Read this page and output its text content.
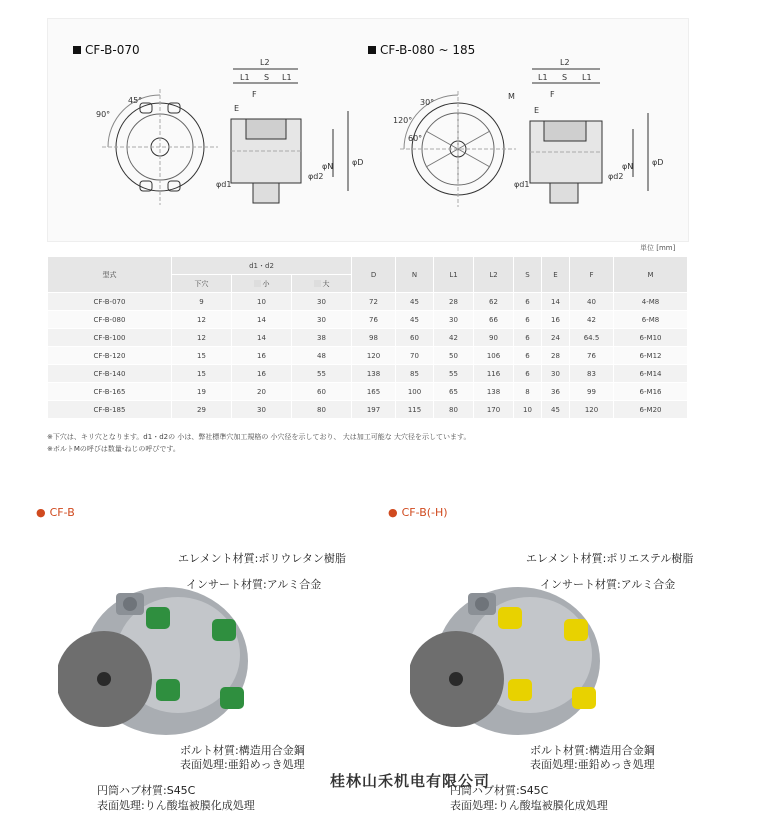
CF-B-070	CF-B-080 ~ 185
90°
45°
L2
L1 S L1
F
E
φd1
φd2
φN φD
120°
60°
30°
L2
L1 S L1
M	F
E
φd1
φd2
φN φD
単位 [mm]
型式	d1・d2			D	N	L1	L2	S	E	F	M
	下穴	小	大								
CF-B-070	9	10	30	72	45	28	62	6	14	40	4-M8
CF-B-080	12	14	30	76	45	30	66	6	16	42	6-M8
CF-B-100	12	14	38	98	60	42	90	6	24	64.5	6-M10
CF-B-120	15	16	48	120	70	50	106	6	28	76	6-M12
CF-B-140	15	16	55	138	85	55	116	6	30	83	6-M14
CF-B-165	19	20	60	165	100	65	138	8	36	99	6-M16
CF-B-185	29	30	80	197	115	80	170	10	45	120	6-M20
※下穴は、キリ穴となります。d1・d2の 小は、弊社標準穴加工規格の 小穴径を示しており、 大は加工可能な 大穴径を示しています。
※ボルトMの呼びは数量-ねじの呼びです。
● CF-B	● CF-B(-H)
エレメント材質:ポリウレタン樹脂
インサート材質:アルミ合金
ボルト材質:構造用合金鋼
表面処理:亜鉛めっき処理
円筒ハブ材質:S45C
表面処理:りん酸塩被膜化成処理
エレメント材質:ポリエステル樹脂
インサート材質:アルミ合金
ボルト材質:構造用合金鋼
表面処理:亜鉛めっき処理
円筒ハブ材質:S45C
表面処理:りん酸塩被膜化成処理
桂林山禾机电有限公司
